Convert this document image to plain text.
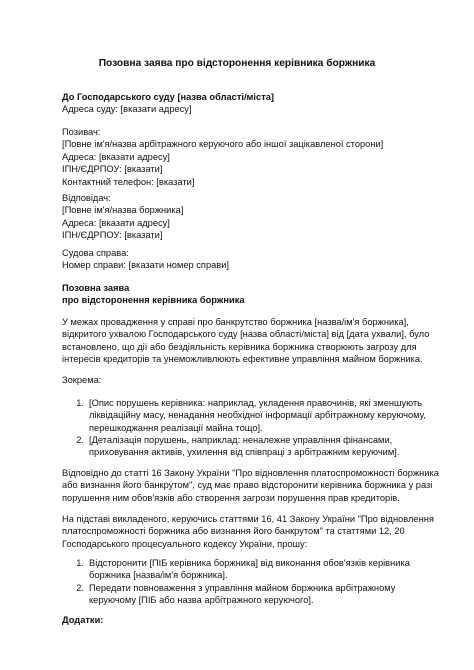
Позовна заява про відсторонення керівника боржника
До Господарського суду [назва області/міста]
Адреса суду: [вказати адресу]
Позивач:
[Повне ім'я/назва арбітражного керуючого або іншої зацікавленої сторони]
Адреса: [вказати адресу]
ІПН/ЄДРПОУ: [вказати]
Контактний телефон: [вказати]
Відповідач:
[Повне ім'я/назва боржника]
Адреса: [вказати адресу]
ІПН/ЄДРПОУ: [вказати]
Судова справа:
Номер справи: [вказати номер справи]
Позовна заява
про відсторонення керівника боржника
У межах провадження у справі про банкрутство боржника [назва/ім'я боржника],
відкритого ухвалою Господарського суду [назва області/міста] від [дата ухвали], було
встановлено, що дії або бездіяльність керівника боржника створюють загрозу для
інтересів кредиторів та унеможливлюють ефективне управління майном боржника.
Зокрема:
1. [Опис порушень керівника: наприклад, укладення правочинів, які зменшують
ліквідаційну масу, ненадання необхідної інформації арбітражному керуючому,
перешкоджання реалізації майна тощо].
2. [Деталізація порушень, наприклад: неналежне управління фінансами,
приховування активів, ухилення від співпраці з арбітражним керуючим].
Відповідно до статті 16 Закону України "Про відновлення платоспроможності боржника
або визнання його банкрутом", суд має право відсторонити керівника боржника у разі
порушення ним обов'язків або створення загрози порушення прав кредиторів.
На підставі викладеного, керуючись статтями 16, 41 Закону України "Про відновлення
платоспроможності боржника або визнання його банкрутом" та статтями 12, 20
Господарського процесуального кодексу України, прошу:
1. Відсторонити [ПІБ керівника боржника] від виконання обов'язків керівника
боржника [назва/ім'я боржника].
2. Передати повноваження з управління майном боржника арбітражному
керуючому [ПІБ або назва арбітражного керуючого].
Додатки:
